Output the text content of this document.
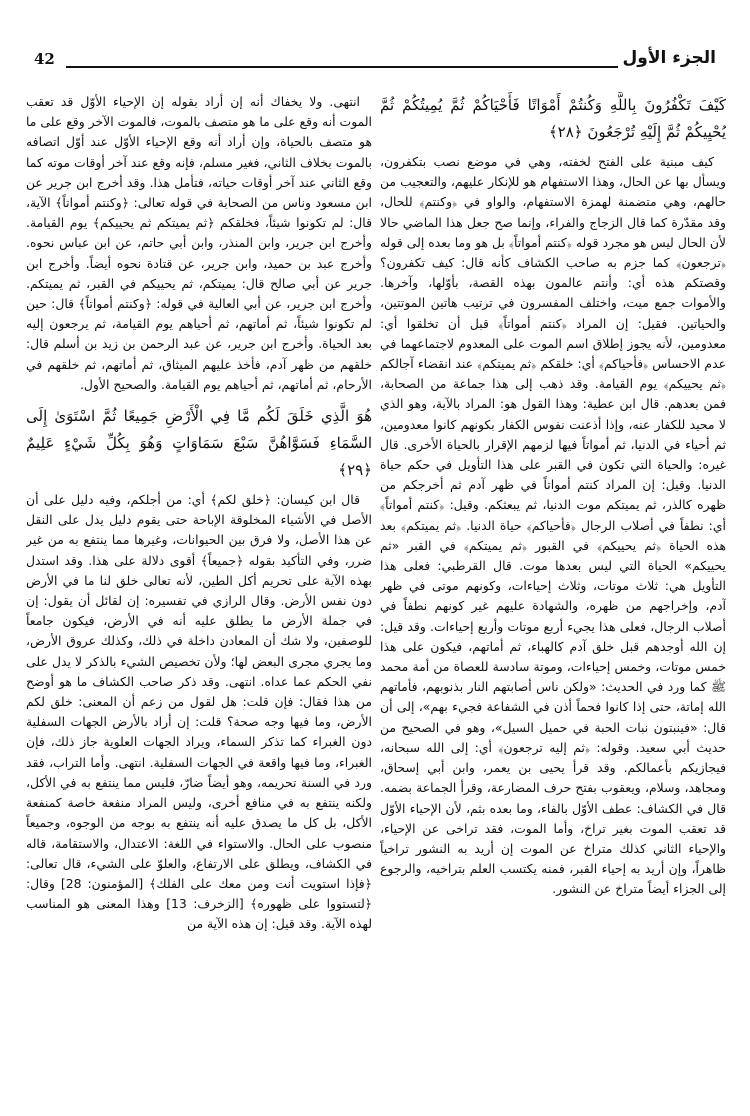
الجزء الأول
42
كَيْفَ تَكْفُرُونَ بِاللَّهِ وَكُنتُمْ أَمْوَاتًا فَأَحْيَاكُمْ ثُمَّ يُمِيتُكُمْ ثُمَّ يُحْيِيكُمْ ثُمَّ إِلَيْهِ تُرْجَعُونَ ﴿٢٨﴾

كيف مبنية على الفتح لخفته، وهي في موضع نصب بتكفرون، ويسأل بها عن الحال، وهذا الاستفهام هو للإنكار عليهم، والتعجيب من حالهم، وهي متضمنة لهمزة الاستفهام، والواو في ﴿وكنتم﴾ للحال، وقد مقدّرة كما قال الزجاج والفراء، وإنما صح جعل هذا الماضي حالا لأن الحال ليس هو مجرد قوله ﴿كنتم أمواتاً﴾ بل هو وما بعده إلى قوله ﴿ترجعون﴾ كما جزم به صاحب الكشاف كأنه قال: كيف تكفرون؟ وقصتكم هذه أي: وأنتم عالمون بهذه القصة، بأوّلها، وآخرها. والأموات جمع ميت، واختلف المفسرون في ترتيب هاتين الموتتين، والحياتين. فقيل: إن المراد ﴿كنتم أمواتاً﴾ قبل أن تخلقوا أي: معدومين، لأنه يجوز إطلاق اسم الموت على المعدوم لاجتماعهما في عدم الاحساس ﴿فأحياكم﴾ أي: خلقكم ﴿ثم يميتكم﴾ عند انقضاء آجالكم ﴿ثم يحييكم﴾ يوم القيامة. وقد ذهب إلى هذا جماعة من الصحابة، فمن بعدهم. قال ابن عطية: وهذا القول هو: المراد بالآية، وهو الذي لا محيد للكفار عنه، وإذا أذعنت نفوس الكفار بكونهم كانوا معدومين، ثم أحياء في الدنيا، ثم أمواتاً فيها لزمهم الإقرار بالحياة الأخرى. قال غيره: والحياة التي تكون في القبر على هذا التأويل في حكم حياة الدنيا. وقيل: إن المراد كنتم أمواتاً في ظهر آدم ثم أخرجكم من ظهره كالذر، ثم يميتكم موت الدنيا، ثم يبعثكم. وقيل: ﴿كنتم أمواتاً﴾ أي: نطفاً في أصلاب الرجال ﴿فأحياكم﴾ حياة الدنيا. ﴿ثم يميتكم﴾ بعد هذه الحياة ﴿ثم يحييكم﴾ في القبور ﴿ثم يميتكم﴾ في القبر «ثم يحييكم» الحياة التي ليس بعدها موت. قال القرطبي: فعلى هذا التأويل هي: ثلاث موتات، وثلاث إحياءات، وكونهم موتى في ظهر آدم، وإخراجهم من ظهره، والشهادة عليهم غير كونهم نطفاً في أصلاب الرجال، فعلى هذا يجيء أربع موتات وأربع إحياءات. وقد قيل: إن الله أوجدهم قبل خلق آدم كالهباء، ثم أماتهم، فيكون على هذا خمس موتات، وخمس إحياءات، وموتة سادسة للعصاة من أمة محمد ﷺ كما ورد في الحديث: «ولكن ناس أصابتهم النار بذنوبهم، فأماتهم الله إماتة، حتى إذا كانوا فحماً أذن في الشفاعة فجيء بهم»، إلى أن قال: «فينبتون نبات الحبة في حميل السيل»، وهو في الصحيح من حديث أبي سعيد. وقوله: ﴿ثم إليه ترجعون﴾ أي: إلى الله سبحانه، فيجازيكم بأعمالكم. وقد قرأ يحيى بن يعمر، وابن أبي إسحاق، ومجاهد، وسلام، ويعقوب بفتح حرف المضارعة، وقرأ الجماعة بضمه. قال في الكشاف: عطف الأوّل بالفاء، وما بعده بثم، لأن الإحياء الأوّل قد تعقب الموت بغير تراخ، وأما الموت، فقد تراخى عن الإحياء، والإحياء الثاني كذلك متراخ عن الموت إن أريد به النشور تراخياً ظاهراً، وإن أريد به إحياء القبر، فمنه يكتسب العلم بتراخيه، والرجوع إلى الجزاء أيضاً متراخ عن النشور.

انتهى. ولا يخفاك أنه إن أراد بقوله إن الإحياء الأوّل قد تعقب الموت أنه وقع على ما هو متصف بالموت، فالموت الآخر وقع على ما هو متصف بالحياة، وإن أراد أنه وقع الإحياء الأوّل عند أوّل اتصافه بالموت بخلاف الثاني، فغير مسلم، فإنه وقع عند آخر أوقات موته كما وقع الثاني عند آخر أوقات حياته، فتأمل هذا. وقد أخرج ابن جرير عن ابن مسعود وناس من الصحابة في قوله تعالى: ﴿وكنتم أمواتاً﴾ الآية، قال: لم تكونوا شيئاً، فخلقكم ﴿ثم يميتكم ثم يحييكم﴾ يوم القيامة. وأخرج ابن جرير، وابن المنذر، وابن أبي حاتم، عن ابن عباس نحوه. وأخرج عبد بن حميد، وابن جرير، عن قتادة نحوه أيضاً. وأخرج ابن جرير عن أبي صالح قال: يميتكم، ثم يحييكم في القبر، ثم يميتكم. وأخرج ابن جرير، عن أبي العالية في قوله: ﴿وكنتم أمواتاً﴾ قال: حين لم تكونوا شيئاً، ثم أماتهم، ثم أحياهم يوم القيامة، ثم يرجعون إليه بعد الحياة. وأخرج ابن جرير، عن عبد الرحمن بن زيد بن أسلم قال: خلقهم من ظهر آدم، فأخذ عليهم الميثاق، ثم أماتهم، ثم خلقهم في الأرحام، ثم أماتهم، ثم أحياهم يوم القيامة. والصحيح الأول.

هُوَ الَّذِي خَلَقَ لَكُم مَّا فِي الْأَرْضِ جَمِيعًا ثُمَّ اسْتَوَىٰ إِلَى السَّمَاءِ فَسَوَّاهُنَّ سَبْعَ سَمَاوَاتٍ وَهُوَ بِكُلِّ شَيْءٍ عَلِيمٌ ﴿٢٩﴾

قال ابن كيسان: ﴿خلق لكم﴾ أي: من أجلكم، وفيه دليل على أن الأصل في الأشياء المخلوقة الإباحة حتى يقوم دليل يدل على النقل عن هذا الأصل، ولا فرق بين الحيوانات، وغيرها مما ينتفع به من غير ضرر، وفي التأكيد بقوله ﴿جميعاً﴾ أقوى دلالة على هذا. وقد استدل بهذه الآية على تحريم أكل الطين، لأنه تعالى خلق لنا ما في الأرض دون نفس الأرض. وقال الرازي في تفسيره: إن لقائل أن يقول: إن في جملة الأرض ما يطلق عليه أنه في الأرض، فيكون جامعاً للوصفين، ولا شك أن المعادن داخلة في ذلك، وكذلك عروق الأرض، وما يجري مجرى البعض لها؛ ولأن تخصيص الشيء بالذكر لا يدل على نفي الحكم عما عداه. انتهى. وقد ذكر صاحب الكشاف ما هو أوضح من هذا فقال: فإن قلت: هل لقول من زعم أن المعنى: خلق لكم الأرض، وما فيها وجه صحة؟ قلت: إن أراد بالأرض الجهات السفلية دون الغبراء كما تذكر السماء، ويراد الجهات العلوية جاز ذلك، فإن الغبراء، وما فيها واقعة في الجهات السفلية. انتهى. وأما التراب، فقد ورد في السنة تحريمه، وهو أيضاً ضارّ، فليس مما ينتفع به في الأكل، ولكنه ينتفع به في منافع أخرى، وليس المراد منفعة خاصة كمنفعة الأكل، بل كل ما يصدق عليه أنه ينتفع به بوجه من الوجوه، وجميعاً منصوب على الحال. والاستواء في اللغة: الاعتدال، والاستقامة، قاله في الكشاف، ويطلق على الارتفاع، والعلوّ على الشيء، قال تعالى: ﴿فإذا استويت أنت ومن معك على الفلك﴾ [المؤمنون: 28] وقال: ﴿لتستووا على ظهوره﴾ [الزخرف: 13] وهذا المعنى هو المناسب لهذه الآية. وقد قيل: إن هذه الآية من
